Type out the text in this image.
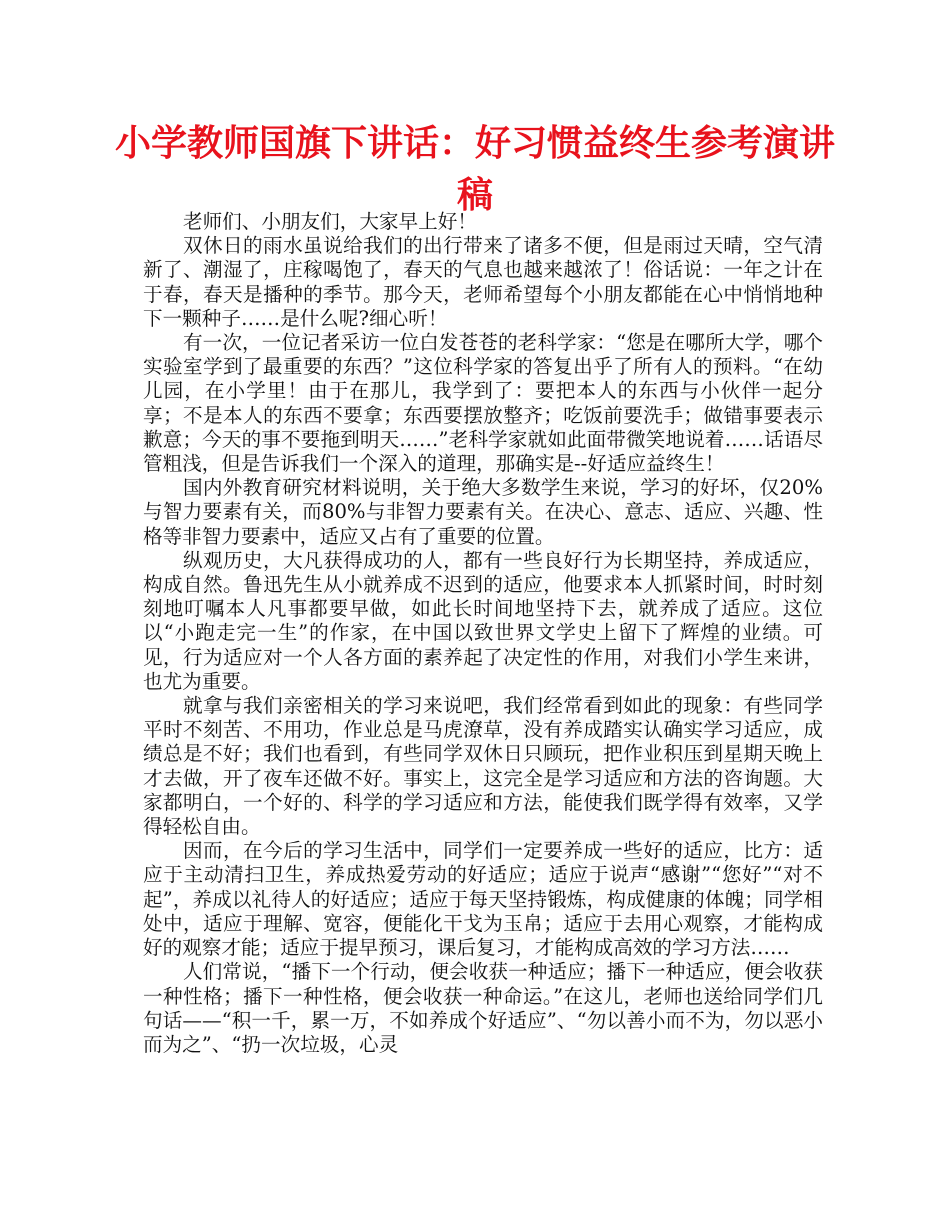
小学教师国旗下讲话：好习惯益终生参考演讲稿

老师们、小朋友们，大家早上好！

双休日的雨水虽说给我们的出行带来了诸多不便，但是雨过天晴，空气清新了、潮湿了，庄稼喝饱了，春天的气息也越来越浓了！俗话说：一年之计在于春，春天是播种的季节。那今天，老师希望每个小朋友都能在心中悄悄地种下一颗种子……是什么呢?细心听！

有一次，一位记者采访一位白发苍苍的老科学家：“您是在哪所大学，哪个实验室学到了最重要的东西？”这位科学家的答复出乎了所有人的预料。“在幼儿园，在小学里！由于在那儿，我学到了：要把本人的东西与小伙伴一起分享；不是本人的东西不要拿；东西要摆放整齐；吃饭前要洗手；做错事要表示歉意；今天的事不要拖到明天……”老科学家就如此面带微笑地说着……话语尽管粗浅，但是告诉我们一个深入的道理，那确实是--好适应益终生！

国内外教育研究材料说明，关于绝大多数学生来说，学习的好坏，仅20%与智力要素有关，而80%与非智力要素有关。在决心、意志、适应、兴趣、性格等非智力要素中，适应又占有了重要的位置。

纵观历史，大凡获得成功的人，都有一些良好行为长期坚持，养成适应，构成自然。鲁迅先生从小就养成不迟到的适应，他要求本人抓紧时间，时时刻刻地叮嘱本人凡事都要早做，如此长时间地坚持下去，就养成了适应。这位以“小跑走完一生”的作家，在中国以致世界文学史上留下了辉煌的业绩。可见，行为适应对一个人各方面的素养起了决定性的作用，对我们小学生来讲，也尤为重要。

就拿与我们亲密相关的学习来说吧，我们经常看到如此的现象：有些同学平时不刻苦、不用功，作业总是马虎潦草，没有养成踏实认确实学习适应，成绩总是不好；我们也看到，有些同学双休日只顾玩，把作业积压到星期天晚上才去做，开了夜车还做不好。事实上，这完全是学习适应和方法的咨询题。大家都明白，一个好的、科学的学习适应和方法，能使我们既学得有效率，又学得轻松自由。

因而，在今后的学习生活中，同学们一定要养成一些好的适应，比方：适应于主动清扫卫生，养成热爱劳动的好适应；适应于说声“感谢”“您好”“对不起”，养成以礼待人的好适应；适应于每天坚持锻炼，构成健康的体魄；同学相处中，适应于理解、宽容，便能化干戈为玉帛；适应于去用心观察，才能构成好的观察才能；适应于提早预习，课后复习，才能构成高效的学习方法……

人们常说，“播下一个行动，便会收获一种适应；播下一种适应，便会收获一种性格；播下一种性格，便会收获一种命运。”在这儿，老师也送给同学们几句话——“积一千，累一万，不如养成个好适应”、“勿以善小而不为，勿以恶小而为之”、“扔一次垃圾，心灵
